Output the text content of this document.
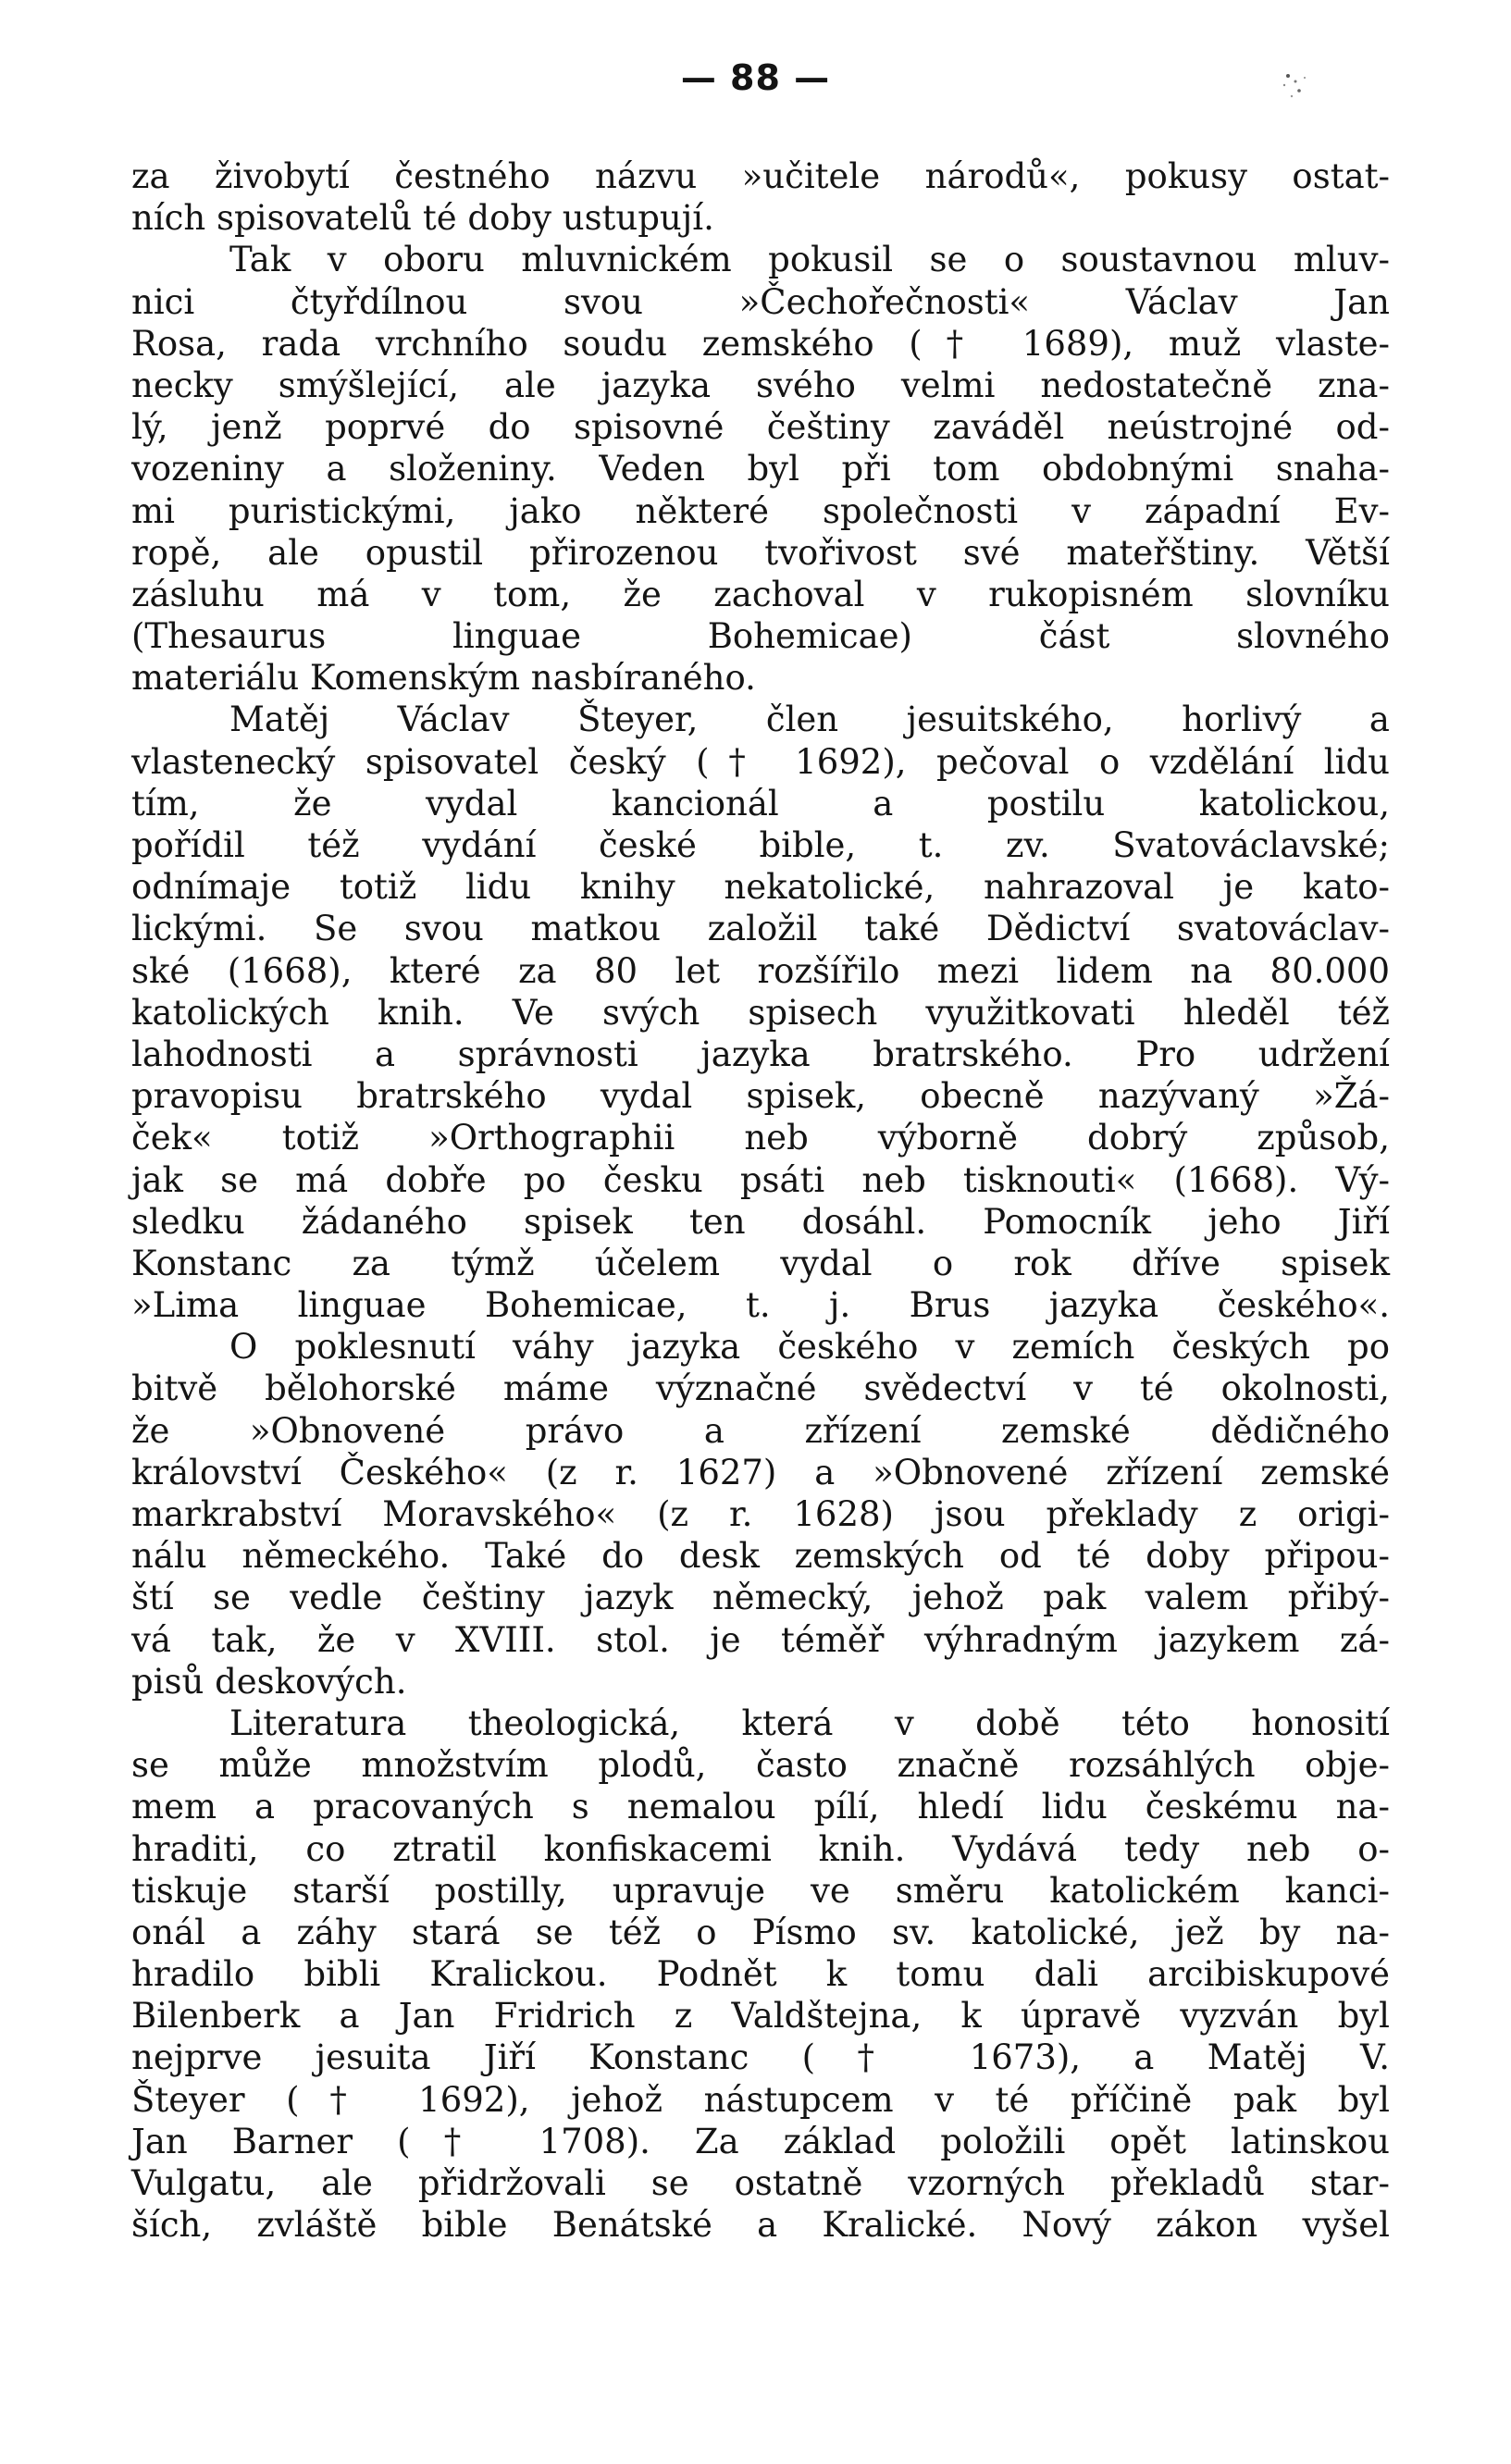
— 88 —
za živobytí čestného názvu »učitele národů«, pokusy ostat-
ních spisovatelů té doby ustupují.
Tak v oboru mluvnickém pokusil se o soustavnou mluv-
nici čtyřdílnou svou »Čechořečnosti« Václav Jan
Rosa, rada vrchního soudu zemského († 1689), muž vlaste-
necky smýšlející, ale jazyka svého velmi nedostatečně zna-
lý, jenž poprvé do spisovné češtiny zaváděl neústrojné od-
vozeniny a složeniny. Veden byl při tom obdobnými snaha-
mi puristickými, jako některé společnosti v západní Ev-
ropě, ale opustil přirozenou tvořivost své mateřštiny. Větší
zásluhu má v tom, že zachoval v rukopisném slovníku
(Thesaurus linguae Bohemicae) část slovného
materiálu Komenským nasbíraného.
Matěj Václav Šteyer, člen jesuitského, horlivý a
vlastenecký spisovatel český († 1692), pečoval o vzdělání lidu
tím, že vydal kancionál a postilu katolickou,
pořídil též vydání české bible, t. zv. Svatováclavské;
odnímaje totiž lidu knihy nekatolické, nahrazoval je kato-
lickými. Se svou matkou založil také Dědictví svatováclav-
ské (1668), které za 80 let rozšířilo mezi lidem na 80.000
katolických knih. Ve svých spisech využitkovati hleděl též
lahodnosti a správnosti jazyka bratrského. Pro udržení
pravopisu bratrského vydal spisek, obecně nazývaný »Žá-
ček« totiž »Orthographii neb výborně dobrý způsob,
jak se má dobře po česku psáti neb tisknouti« (1668). Vý-
sledku žádaného spisek ten dosáhl. Pomocník jeho Jiří
Konstanc za týmž účelem vydal o rok dříve spisek
»Lima linguae Bohemicae, t. j. Brus jazyka českého«.
O poklesnutí váhy jazyka českého v zemích českých po
bitvě bělohorské máme význačné svědectví v té okolnosti,
že »Obnovené právo a zřízení zemské dědičného
království Českého« (z r. 1627) a »Obnovené zřízení zemské
markrabství Moravského« (z r. 1628) jsou překlady z origi-
nálu německého. Také do desk zemských od té doby připou-
ští se vedle češtiny jazyk německý, jehož pak valem přibý-
vá tak, že v XVIII. stol. je téměř výhradným jazykem zá-
pisů deskových.
Literatura theologická, která v době této honosití
se může množstvím plodů, často značně rozsáhlých obje-
mem a pracovaných s nemalou pílí, hledí lidu českému na-
hraditi, co ztratil konfiskacemi knih. Vydává tedy neb o-
tiskuje starší postilly, upravuje ve směru katolickém kanci-
onál a záhy stará se též o Písmo sv. katolické, jež by na-
hradilo bibli Kralickou. Podnět k tomu dali arcibiskupové
Bilenberk a Jan Fridrich z Valdštejna, k úpravě vyzván byl
nejprve jesuita Jiří Konstanc († 1673), a Matěj V.
Šteyer († 1692), jehož nástupcem v té příčině pak byl
Jan Barner († 1708). Za základ položili opět latinskou
Vulgatu, ale přidržovali se ostatně vzorných překladů star-
ších, zvláště bible Benátské a Kralické. Nový zákon vyšel
